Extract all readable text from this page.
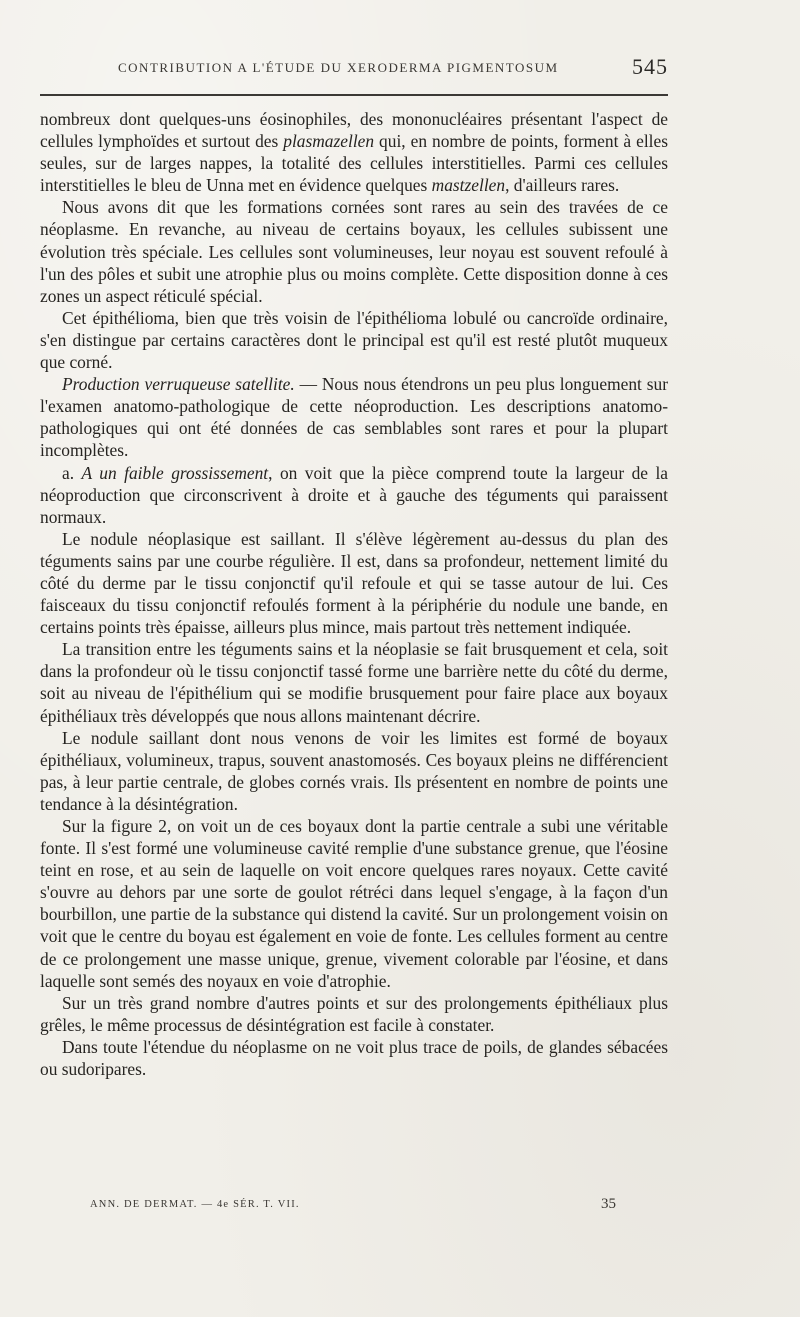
CONTRIBUTION A L'ÉTUDE DU XERODERMA PIGMENTOSUM	545

nombreux dont quelques-uns éosinophiles, des mononucléaires présentant l'aspect de cellules lymphoïdes et surtout des plasmazellen qui, en nombre de points, forment à elles seules, sur de larges nappes, la totalité des cellules interstitielles. Parmi ces cellules interstitielles le bleu de Unna met en évidence quelques mastzellen, d'ailleurs rares.

Nous avons dit que les formations cornées sont rares au sein des travées de ce néoplasme. En revanche, au niveau de certains boyaux, les cellules subissent une évolution très spéciale. Les cellules sont volumineuses, leur noyau est souvent refoulé à l'un des pôles et subit une atrophie plus ou moins complète. Cette disposition donne à ces zones un aspect réticulé spécial.

Cet épithélioma, bien que très voisin de l'épithélioma lobulé ou cancroïde ordinaire, s'en distingue par certains caractères dont le principal est qu'il est resté plutôt muqueux que corné.

Production verruqueuse satellite. — Nous nous étendrons un peu plus longuement sur l'examen anatomo-pathologique de cette néoproduction. Les descriptions anatomo-pathologiques qui ont été données de cas semblables sont rares et pour la plupart incomplètes.

a. A un faible grossissement, on voit que la pièce comprend toute la largeur de la néoproduction que circonscrivent à droite et à gauche des téguments qui paraissent normaux.

Le nodule néoplasique est saillant. Il s'élève légèrement au-dessus du plan des téguments sains par une courbe régulière. Il est, dans sa profondeur, nettement limité du côté du derme par le tissu conjonctif qu'il refoule et qui se tasse autour de lui. Ces faisceaux du tissu conjonctif refoulés forment à la périphérie du nodule une bande, en certains points très épaisse, ailleurs plus mince, mais partout très nettement indiquée.

La transition entre les téguments sains et la néoplasie se fait brusquement et cela, soit dans la profondeur où le tissu conjonctif tassé forme une barrière nette du côté du derme, soit au niveau de l'épithélium qui se modifie brusquement pour faire place aux boyaux épithéliaux très développés que nous allons maintenant décrire.

Le nodule saillant dont nous venons de voir les limites est formé de boyaux épithéliaux, volumineux, trapus, souvent anastomosés. Ces boyaux pleins ne différencient pas, à leur partie centrale, de globes cornés vrais. Ils présentent en nombre de points une tendance à la désintégration.

Sur la figure 2, on voit un de ces boyaux dont la partie centrale a subi une véritable fonte. Il s'est formé une volumineuse cavité remplie d'une substance grenue, que l'éosine teint en rose, et au sein de laquelle on voit encore quelques rares noyaux. Cette cavité s'ouvre au dehors par une sorte de goulot rétréci dans lequel s'engage, à la façon d'un bourbillon, une partie de la substance qui distend la cavité. Sur un prolongement voisin on voit que le centre du boyau est également en voie de fonte. Les cellules forment au centre de ce prolongement une masse unique, grenue, vivement colorable par l'éosine, et dans laquelle sont semés des noyaux en voie d'atrophie.

Sur un très grand nombre d'autres points et sur des prolongements épithéliaux plus grêles, le même processus de désintégration est facile à constater.

Dans toute l'étendue du néoplasme on ne voit plus trace de poils, de glandes sébacées ou sudoripares.

ANN. DE DERMAT. — 4e SÉR. T. VII.	35
